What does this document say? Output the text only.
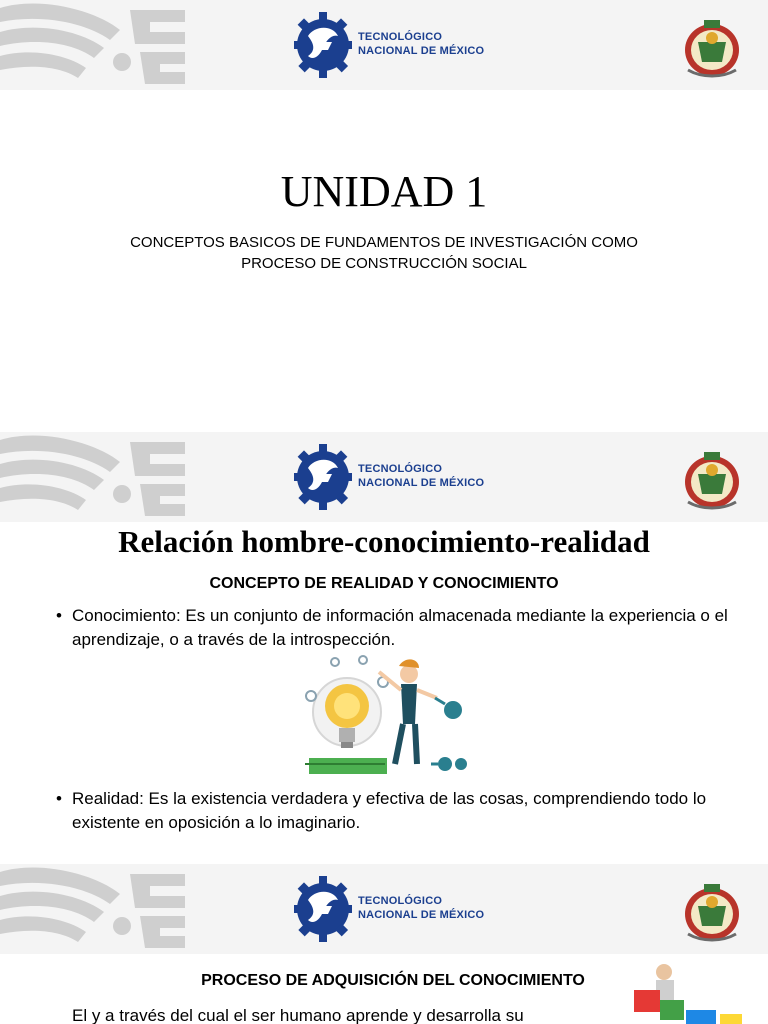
TECNOLÓGICO
NACIONAL DE MÉXICO
UNIDAD 1
CONCEPTOS BASICOS DE FUNDAMENTOS DE INVESTIGACIÓN COMO
PROCESO DE CONSTRUCCIÓN SOCIAL
TECNOLÓGICO
NACIONAL DE MÉXICO
Relación hombre-conocimiento-realidad
CONCEPTO DE REALIDAD Y CONOCIMIENTO
• Conocimiento: Es un conjunto de información almacenada mediante la experiencia o el aprendizaje, o a través de la introspección.
• Realidad: Es la existencia verdadera y efectiva de las cosas, comprendiendo todo lo existente en oposición a lo imaginario.
TECNOLÓGICO
NACIONAL DE MÉXICO
PROCESO DE ADQUISICIÓN DEL CONOCIMIENTO
El y a través del cual el ser humano aprende y desarrolla su
